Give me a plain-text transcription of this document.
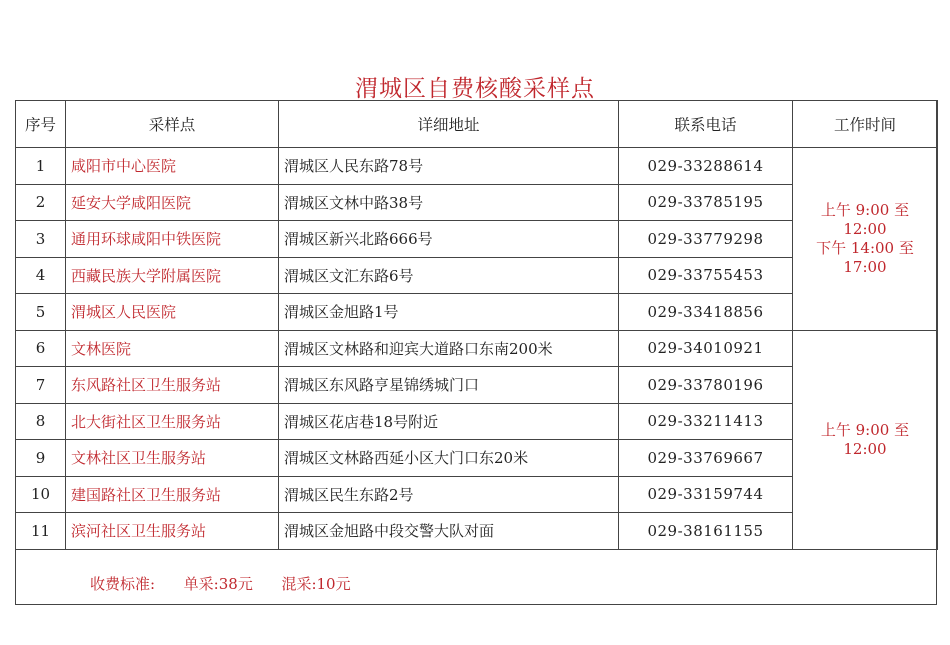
渭城区自费核酸采样点
序号	采样点	详细地址	联系电话	工作时间
1	咸阳市中心医院	渭城区人民东路78号	029-33288614	上午 9:00 至
12:00
下午 14:00 至
17:00

2	延安大学咸阳医院	渭城区文林中路38号	029-33785195	
3	通用环球咸阳中铁医院	渭城区新兴北路666号	029-33779298	
4	西藏民族大学附属医院	渭城区文汇东路6号	029-33755453	
5	渭城区人民医院	渭城区金旭路1号	029-33418856	
6	文林医院	渭城区文林路和迎宾大道路口东南200米	029-34010921	上午 9:00 至
12:00

7	东风路社区卫生服务站	渭城区东风路亨星锦绣城门口	029-33780196	
8	北大街社区卫生服务站	渭城区花店巷18号附近	029-33211413	
9	文林社区卫生服务站	渭城区文林路西延小区大门口东20米	029-33769667	
10	建国路社区卫生服务站	渭城区民生东路2号	029-33159744	
11	滨河社区卫生服务站	渭城区金旭路中段交警大队对面	029-38161155	
收费标准: 单采:38元 混采:10元
